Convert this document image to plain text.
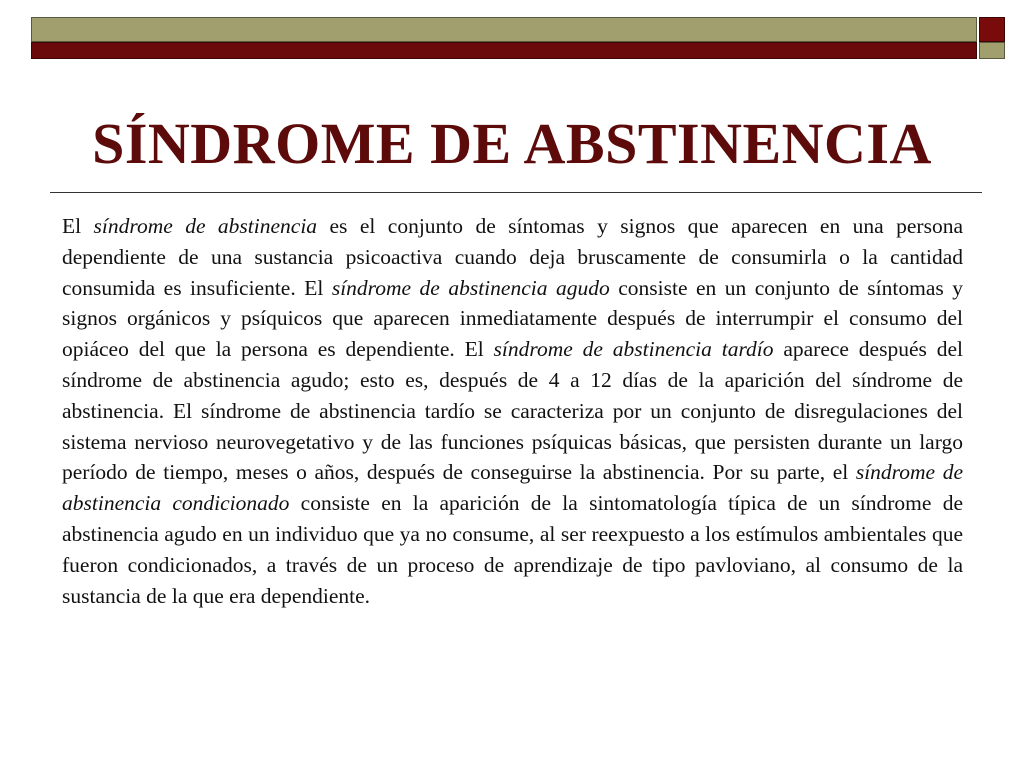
SÍNDROME DE ABSTINENCIA

El síndrome de abstinencia es el conjunto de síntomas y signos que aparecen en una persona dependiente de una sustancia psicoactiva cuando deja bruscamente de consumirla o la cantidad consumida es insuficiente. El síndrome de abstinencia agudo consiste en un conjunto de síntomas y signos orgánicos y psíquicos que aparecen inmediatamente después de interrumpir el consumo del opiáceo del que la persona es dependiente. El síndrome de abstinencia tardío aparece después del síndrome de abstinencia agudo; esto es, después de 4 a 12 días de la aparición del síndrome de abstinencia. El síndrome de abstinencia tardío se caracteriza por un conjunto de disregulaciones del sistema nervioso neurovegetativo y de las funciones psíquicas básicas, que persisten durante un largo período de tiempo, meses o años, después de conseguirse la abstinencia. Por su parte, el síndrome de abstinencia condicionado consiste en la aparición de la sintomatología típica de un síndrome de abstinencia agudo en un individuo que ya no consume, al ser reexpuesto a los estímulos ambientales que fueron condicionados, a través de un proceso de aprendizaje de tipo pavloviano, al consumo de la sustancia de la que era dependiente.
